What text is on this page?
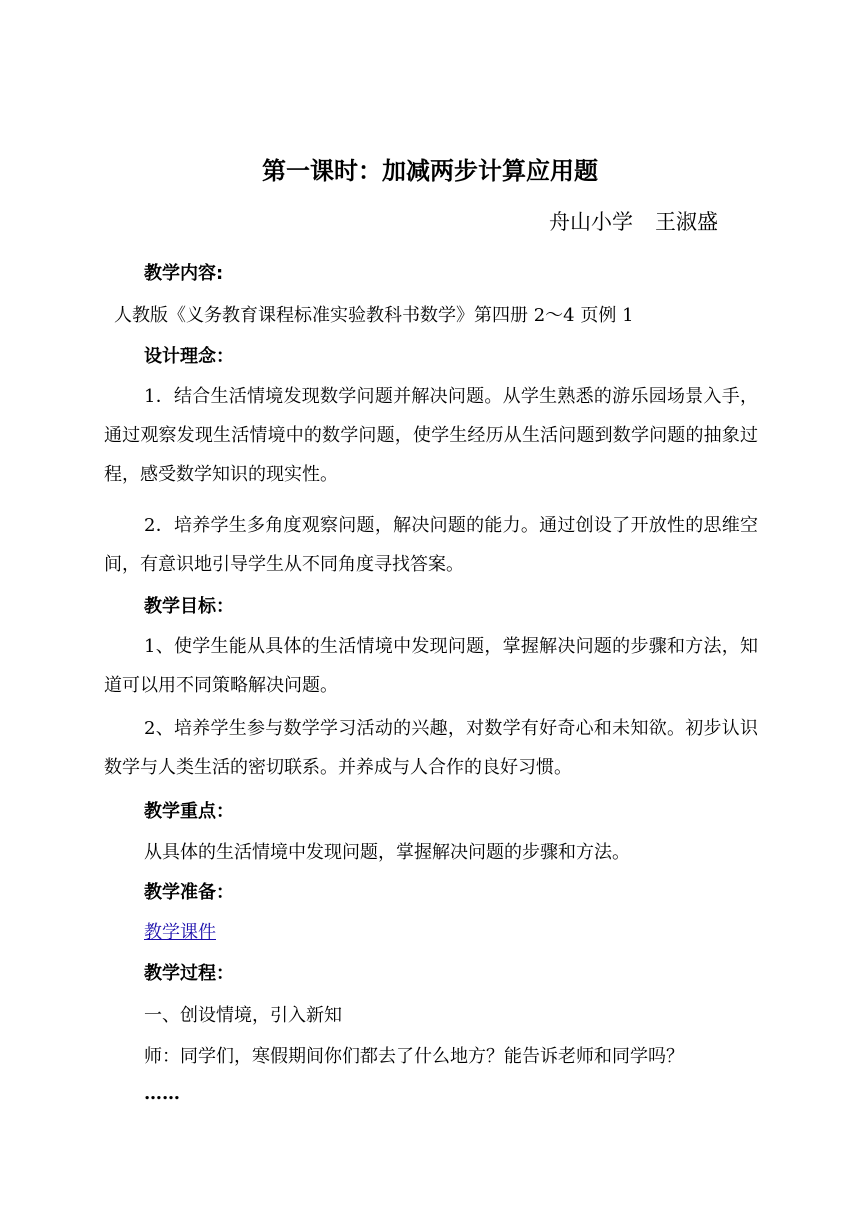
第一课时：加减两步计算应用题
舟山小学 王淑盛
教学内容:
人教版《义务教育课程标准实验教科书数学》第四册 2～4 页例 1
设计理念：
1．结合生活情境发现数学问题并解决问题。从学生熟悉的游乐园场景入手，通过观察发现生活情境中的数学问题，使学生经历从生活问题到数学问题的抽象过程，感受数学知识的现实性。
2．培养学生多角度观察问题，解决问题的能力。通过创设了开放性的思维空间，有意识地引导学生从不同角度寻找答案。
教学目标：
1、使学生能从具体的生活情境中发现问题，掌握解决问题的步骤和方法，知道可以用不同策略解决问题。
2、培养学生参与数学学习活动的兴趣，对数学有好奇心和未知欲。初步认识数学与人类生活的密切联系。并养成与人合作的良好习惯。
教学重点：
从具体的生活情境中发现问题，掌握解决问题的步骤和方法。
教学准备：
教学课件
教学过程：
一、创设情境，引入新知
师：同学们，寒假期间你们都去了什么地方？能告诉老师和同学吗？
……
